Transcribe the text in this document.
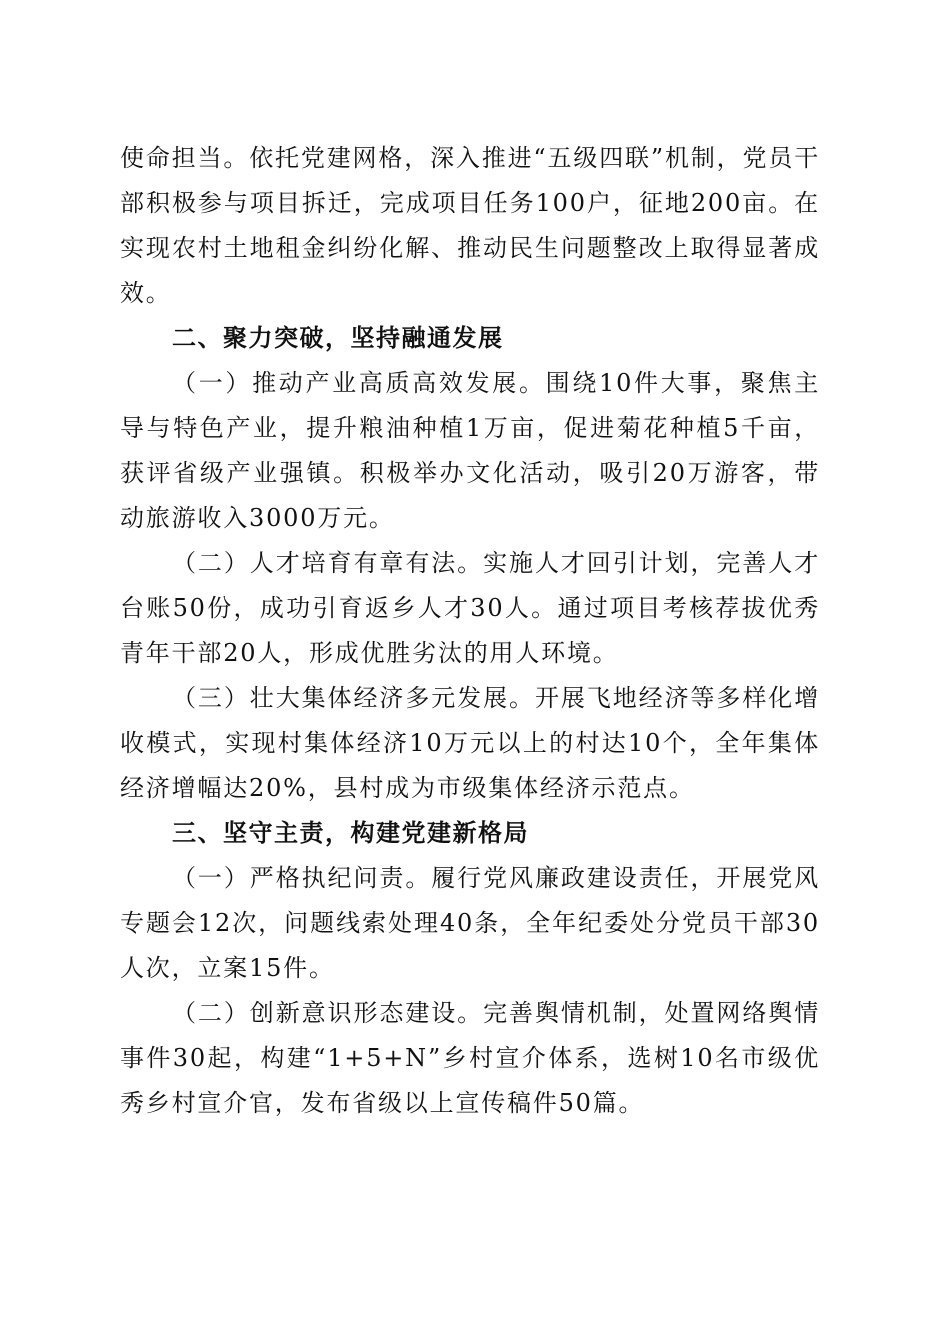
使命担当。依托党建网格，深入推进“五级四联”机制，党员干部积极参与项目拆迁，完成项目任务100户，征地200亩。在实现农村土地租金纠纷化解、推动民生问题整改上取得显著成效。

二、聚力突破，坚持融通发展

（一）推动产业高质高效发展。围绕10件大事，聚焦主导与特色产业，提升粮油种植1万亩，促进菊花种植5千亩，获评省级产业强镇。积极举办文化活动，吸引20万游客，带动旅游收入3000万元。

（二）人才培育有章有法。实施人才回引计划，完善人才台账50份，成功引育返乡人才30人。通过项目考核荐拔优秀青年干部20人，形成优胜劣汰的用人环境。

（三）壮大集体经济多元发展。开展飞地经济等多样化增收模式，实现村集体经济10万元以上的村达10个，全年集体经济增幅达20%，县村成为市级集体经济示范点。

三、坚守主责，构建党建新格局

（一）严格执纪问责。履行党风廉政建设责任，开展党风专题会12次，问题线索处理40条，全年纪委处分党员干部30人次，立案15件。

（二）创新意识形态建设。完善舆情机制，处置网络舆情事件30起，构建“1+5+N”乡村宣介体系，选树10名市级优秀乡村宣介官，发布省级以上宣传稿件50篇。
